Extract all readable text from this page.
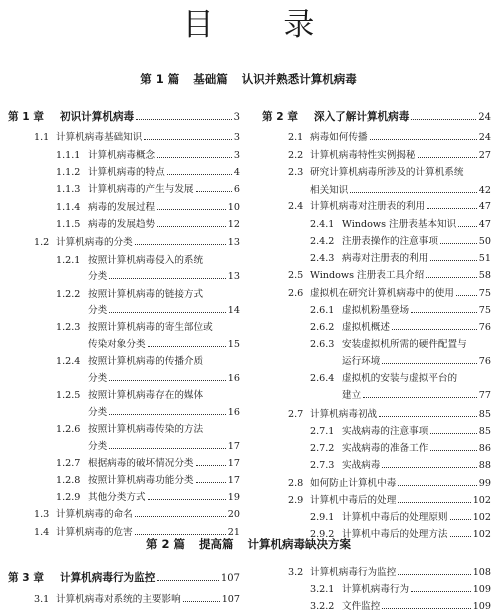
目 录
第 1 篇 基础篇 认识并熟悉计算机病毒
第 2 篇 提高篇 计算机病毒缺决方案
第 1 章	初识计算机病毒	3
1.1 计算机病毒基础知识	3
1.1.1 计算机病毒概念	3
1.1.2 计算机病毒的特点	4
1.1.3 计算机病毒的产生与发展	6
1.1.4 病毒的发展过程	10
1.1.5 病毒的发展趋势	12
1.2 计算机病毒的分类	13
1.2.1 按照计算机病毒侵入的系统
分类	13
1.2.2 按照计算机病毒的链接方式
分类	14
1.2.3 按照计算机病毒的寄生部位或
传染对象分类	15
1.2.4 按照计算机病毒的传播介质
分类	16
1.2.5 按照计算机病毒存在的媒体
分类	16
1.2.6 按照计算机病毒传染的方法
分类	17
1.2.7 根据病毒的破坏情况分类	17
1.2.8 按照计算机病毒功能分类	17
1.2.9 其他分类方式	19
1.3 计算机病毒的命名	20
1.4 计算机病毒的危害	21
第 2 章	深入了解计算机病毒	24
2.1 病毒如何传播	24
2.2 计算机病毒特性实例揭秘	27
2.3 研究计算机病毒所涉及的计算机系统
相关知识	42
2.4 计算机病毒对注册表的利用	47
2.4.1 Windows 注册表基本知识 47
2.4.2 注册表操作的注意事项	50
2.4.3 病毒对注册表的利用	51
2.5 Windows 注册表工具介绍	58
2.6 虚拟机在研究计算机病毒中的使用	75
2.6.1 虚拟机粉墨登场	75
2.6.2 虚拟机概述	76
2.6.3 安装虚拟机所需的硬件配置与
运行环境	76
2.6.4 虚拟机的安装与虚拟平台的
建立	77
2.7 计算机病毒初战	85
2.7.1 实战病毒的注意事项	85
2.7.2 实战病毒的准备工作	86
2.7.3 实战病毒	88
2.8 如何防止计算机中毒	99
2.9 计算机中毒后的处理	102
2.9.1 计算机中毒后的处理原则	102
2.9.2 计算机中毒后的处理方法	102
第 3 章	计算机病毒行为监控	107
3.1 计算机病毒对系统的主要影响	107
3.2 计算机病毒行为监控	108
3.2.1 计算机病毒行为	109
3.2.2 文件监控	109
